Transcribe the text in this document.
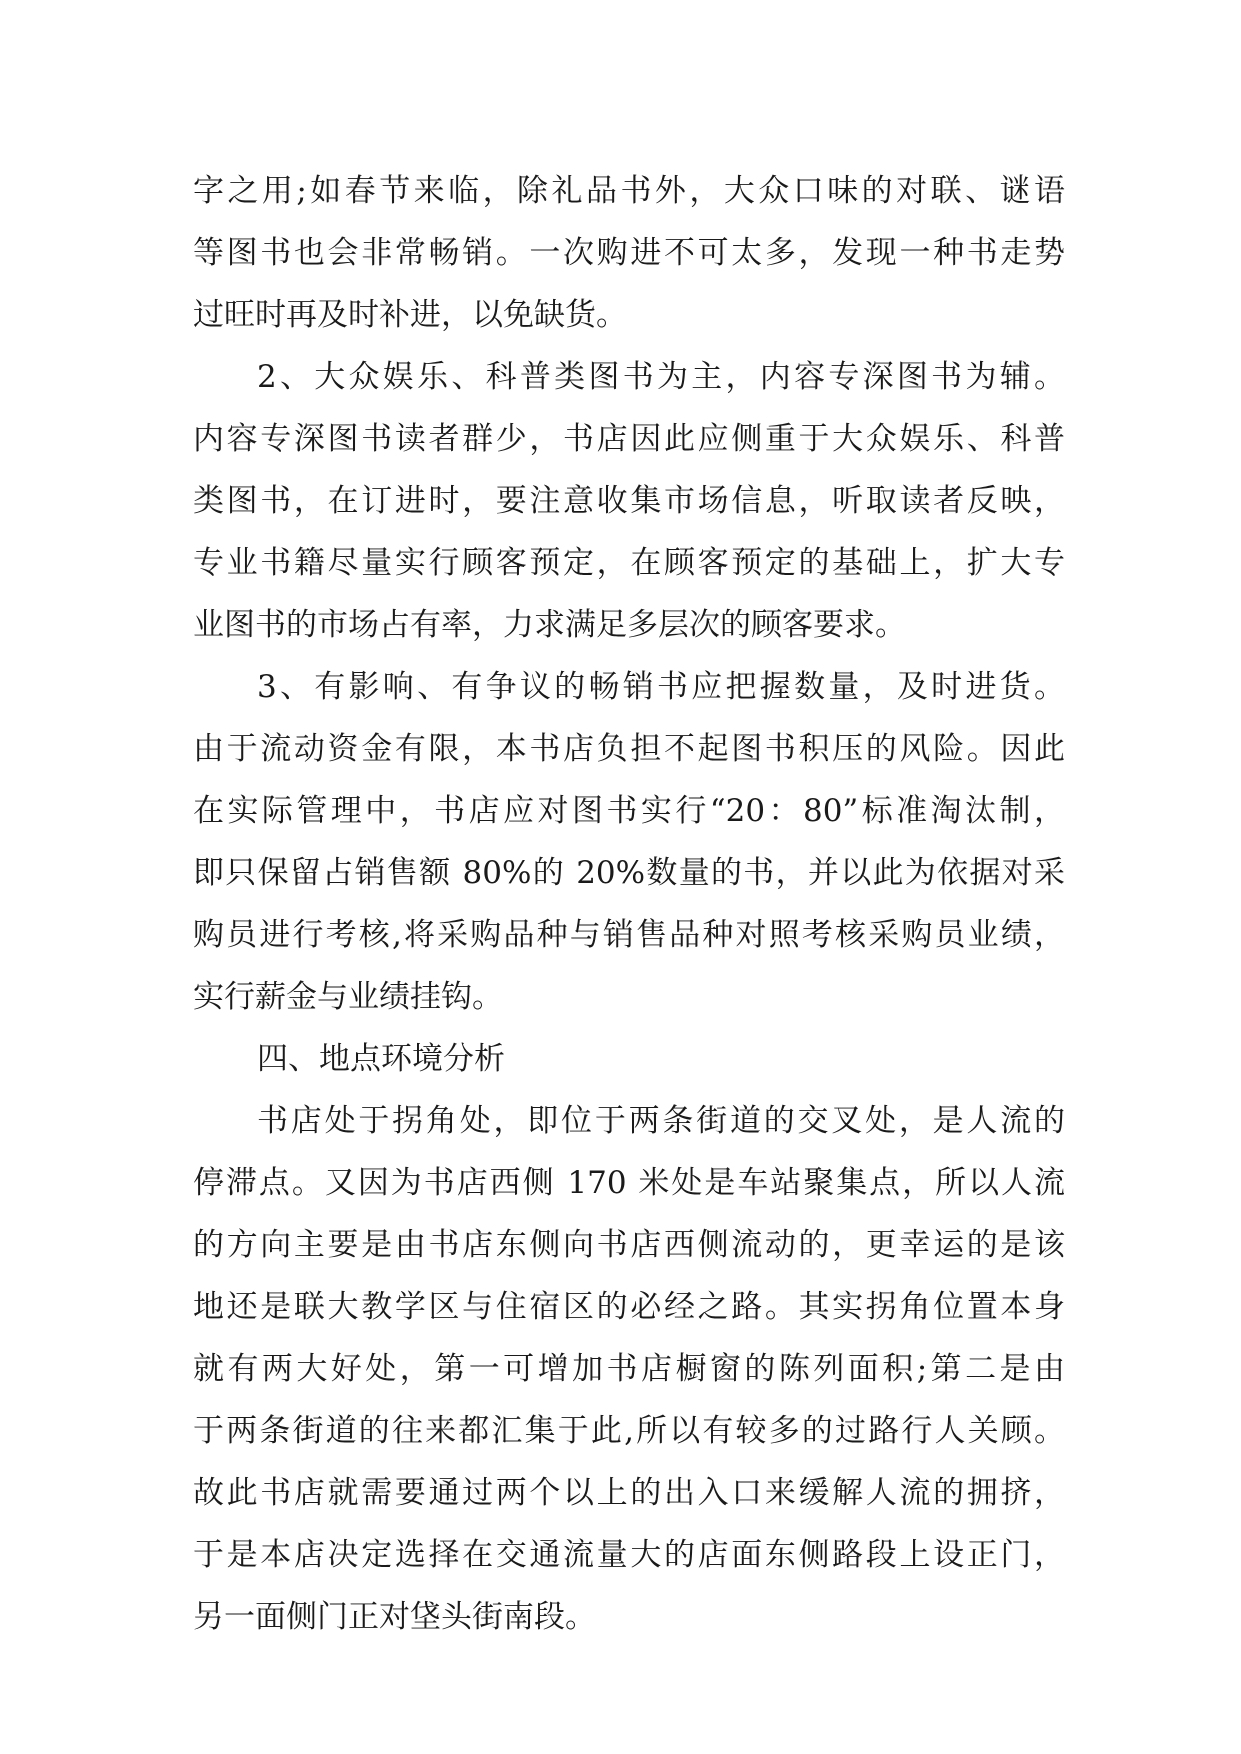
字之用;如春节来临，除礼品书外，大众口味的对联、谜语
等图书也会非常畅销。一次购进不可太多，发现一种书走势
过旺时再及时补进，以免缺货。
2、大众娱乐、科普类图书为主，内容专深图书为辅。
内容专深图书读者群少，书店因此应侧重于大众娱乐、科普
类图书，在订进时，要注意收集市场信息，听取读者反映，
专业书籍尽量实行顾客预定，在顾客预定的基础上，扩大专
业图书的市场占有率，力求满足多层次的顾客要求。
3、有影响、有争议的畅销书应把握数量，及时进货。
由于流动资金有限，本书店负担不起图书积压的风险。因此
在实际管理中，书店应对图书实行“20：80”标准淘汰制，
即只保留占销售额 80%的 20%数量的书，并以此为依据对采
购员进行考核,将采购品种与销售品种对照考核采购员业绩，
实行薪金与业绩挂钩。
四、地点环境分析
书店处于拐角处，即位于两条街道的交叉处，是人流的
停滞点。又因为书店西侧 170 米处是车站聚集点，所以人流
的方向主要是由书店东侧向书店西侧流动的，更幸运的是该
地还是联大教学区与住宿区的必经之路。其实拐角位置本身
就有两大好处，第一可增加书店橱窗的陈列面积;第二是由
于两条街道的往来都汇集于此,所以有较多的过路行人关顾。
故此书店就需要通过两个以上的出入口来缓解人流的拥挤，
于是本店决定选择在交通流量大的店面东侧路段上设正门，
另一面侧门正对垡头街南段。
